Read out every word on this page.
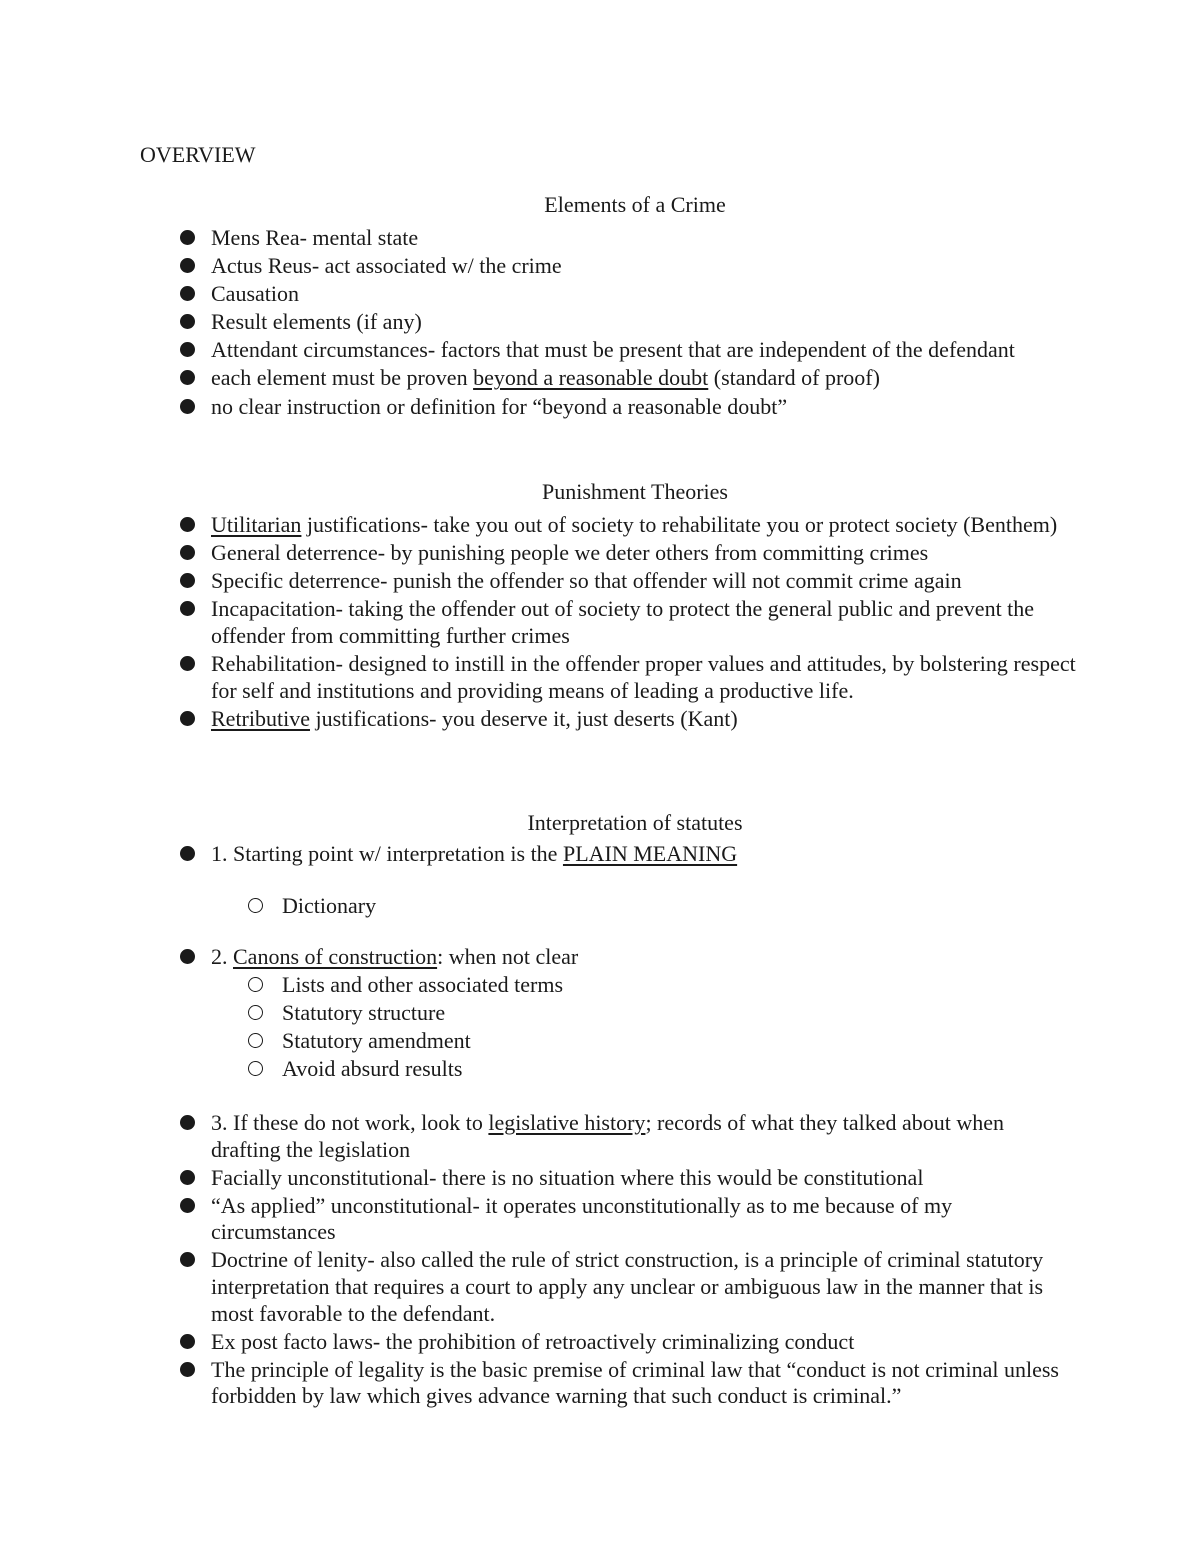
OVERVIEW
Elements of a Crime
Mens Rea- mental state
Actus Reus- act associated w/ the crime
Causation
Result elements (if any)
Attendant circumstances- factors that must be present that are independent of the defendant
each element must be proven beyond a reasonable doubt (standard of proof)
no clear instruction or definition for “beyond a reasonable doubt”
Punishment Theories
Utilitarian justifications- take you out of society to rehabilitate you or protect society (Benthem)
General deterrence- by punishing people we deter others from committing crimes
Specific deterrence- punish the offender so that offender will not commit crime again
Incapacitation- taking the offender out of society to protect the general public and prevent the offender from committing further crimes
Rehabilitation- designed to instill in the offender proper values and attitudes, by bolstering respect for self and institutions and providing means of leading a productive life.
Retributive justifications- you deserve it, just deserts (Kant)
Interpretation of statutes
1. Starting point w/ interpretation is the PLAIN MEANING
Dictionary
2. Canons of construction: when not clear
Lists and other associated terms
Statutory structure
Statutory amendment
Avoid absurd results
3. If these do not work, look to legislative history; records of what they talked about when drafting the legislation
Facially unconstitutional- there is no situation where this would be constitutional
“As applied” unconstitutional- it operates unconstitutionally as to me because of my circumstances
Doctrine of lenity- also called the rule of strict construction, is a principle of criminal statutory interpretation that requires a court to apply any unclear or ambiguous law in the manner that is most favorable to the defendant.
Ex post facto laws- the prohibition of retroactively criminalizing conduct
The principle of legality is the basic premise of criminal law that “conduct is not criminal unless forbidden by law which gives advance warning that such conduct is criminal.”
